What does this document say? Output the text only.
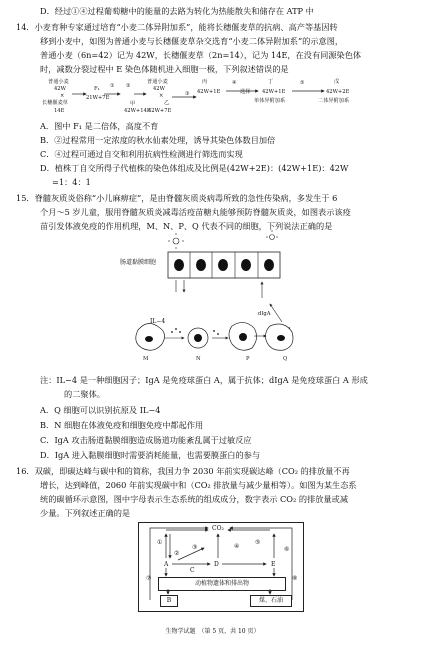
D．经过①④过程葡萄糖中的能量的去路为转化为热能散失和储存在 ATP 中
14．小麦育种专家通过培育“小麦二体异附加系”，能将长穗偃麦草的抗病、高产等基因转
移到小麦中，如图为普通小麦与长穗偃麦草杂交选育“小麦二体异附加系”的示意图，
普通小麦（6n=42）记为 42W，长穗偃麦草（2n=14），记为 14E，在没有同源染色体
时，减数分裂过程中 E 染色体随机进入细胞一极，下列叙述错误的是
普通小麦
42W
×
长穗偃麦草
14E
F₁
21W+7E
① ②
甲
42W+14E
普通小麦
42W
×	③
乙
42W+7E
丙
42W+1E
④
选择
丁
42W+1E
单体异附加系
⑤	戊
42W+2E
二体异附加系
A．图中 F₁ 是二倍体，高度不育
B．②过程常用一定浓度的秋水仙素处理，诱导其染色体数目加倍
C．④过程可通过自交和利用抗病性检测进行筛选而实现
D．植株丁自交所得子代植株的染色体组成及比例是(42W+2E)：(42W+1E)：42W
=1：4：1
15．脊髓灰质炎俗称“小儿麻痹症”，是由脊髓灰质炎病毒所致的急性传染病，多发生于 6
个月～5 岁儿童，服用脊髓灰质炎减毒活疫苗糖丸能够预防脊髓灰质炎，如图表示该疫
苗引发体液免疫的作用机理，M、N、P、Q 代表不同的细胞，下列说法正确的是
肠道黏膜细胞
IL−4
dIgA
M	N	P	Q
注：IL−4 是一种细胞因子；IgA 是免疫球蛋白 A，属于抗体；dIgA 是免疫球蛋白 A 形成
的二聚体。
A．Q 细胞可以识别抗原及 IL−4
B．N 细胞在体液免疫和细胞免疫中都起作用
C．IgA 攻击肠道黏膜细胞造成肠道功能紊乱属于过敏反应
D．IgA 进入黏膜细胞时需要消耗能量，也需要膜蛋白的参与
16．双碳，即碳达峰与碳中和的简称，我国力争 2030 年前实现碳达峰（CO₂ 的排放量不再
增长，达到峰值，2060 年前实现碳中和（CO₂ 排放量与减少量相等）。如图为某生态系
统的碳循环示意图，图中字母表示生态系统的组成成分，数字表示 CO₂ 的排放量或减
少量。下列叙述正确的是
CO₂
①
②
③	④
⑤
⑥
⑦	⑧
A	D
C
E
动植物遗体和排出物
B	煤、石油
生物学试题　（第 5 页，共 10 页）
